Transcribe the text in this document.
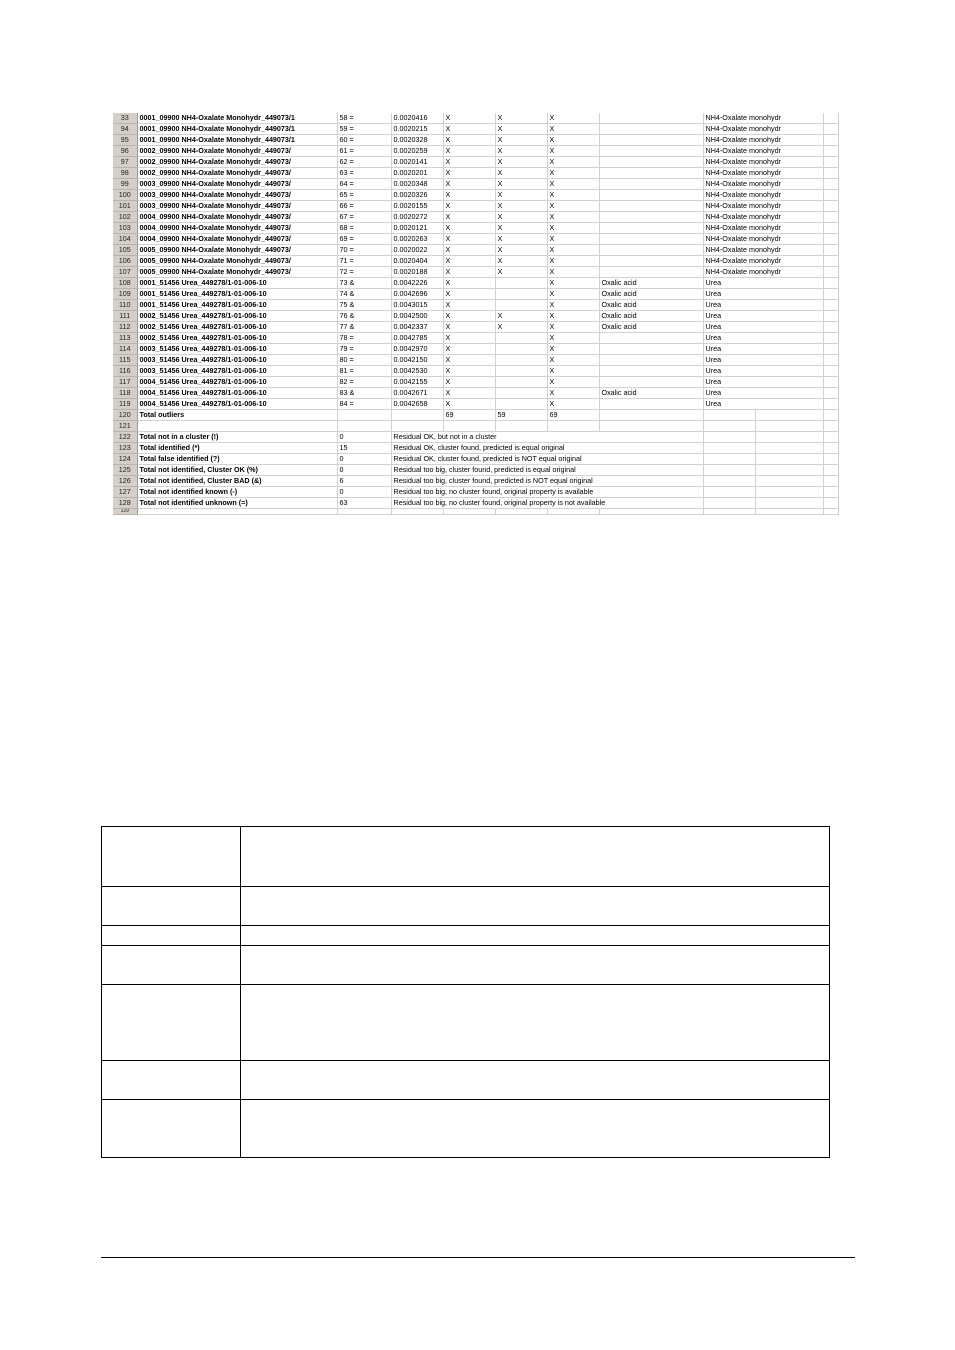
33	0001_09900 NH4-Oxalate Monohydr_449073/1	58 =	0.0020416	X	X	X		NH4-Oxalate monohydr		
94	0001_09900 NH4-Oxalate Monohydr_449073/1	59 =	0.0020215	X	X	X		NH4-Oxalate monohydr		
95	0001_09900 NH4-Oxalate Monohydr_449073/1	60 =	0.0020328	X	X	X		NH4-Oxalate monohydr		
96	0002_09900 NH4-Oxalate Monohydr_449073/	61 =	0.0020259	X	X	X		NH4-Oxalate monohydr		
97	0002_09900 NH4-Oxalate Monohydr_449073/	62 =	0.0020141	X	X	X		NH4-Oxalate monohydr		
98	0002_09900 NH4-Oxalate Monohydr_449073/	63 =	0.0020201	X	X	X		NH4-Oxalate monohydr		
99	0003_09900 NH4-Oxalate Monohydr_449073/	64 =	0.0020348	X	X	X		NH4-Oxalate monohydr		
100	0003_09900 NH4-Oxalate Monohydr_449073/	65 =	0.0020326	X	X	X		NH4-Oxalate monohydr		
101	0003_09900 NH4-Oxalate Monohydr_449073/	66 =	0.0020155	X	X	X		NH4-Oxalate monohydr		
102	0004_09900 NH4-Oxalate Monohydr_449073/	67 =	0.0020272	X	X	X		NH4-Oxalate monohydr		
103	0004_09900 NH4-Oxalate Monohydr_449073/	68 =	0.0020121	X	X	X		NH4-Oxalate monohydr		
104	0004_09900 NH4-Oxalate Monohydr_449073/	69 =	0.0020263	X	X	X		NH4-Oxalate monohydr		
105	0005_09900 NH4-Oxalate Monohydr_449073/	70 =	0.0020022	X	X	X		NH4-Oxalate monohydr		
106	0005_09900 NH4-Oxalate Monohydr_449073/	71 =	0.0020404	X	X	X		NH4-Oxalate monohydr		
107	0005_09900 NH4-Oxalate Monohydr_449073/	72 =	0.0020188	X	X	X		NH4-Oxalate monohydr		
108	0001_51456 Urea_449278/1-01-006-10	73 &	0.0042226	X		X	Oxalic acid	Urea		
109	0001_51456 Urea_449278/1-01-006-10	74 &	0.0042696	X		X	Oxalic acid	Urea		
110	0001_51456 Urea_449278/1-01-006-10	75 &	0.0043015	X		X	Oxalic acid	Urea		
111	0002_51456 Urea_449278/1-01-006-10	76 &	0.0042500	X	X	X	Oxalic acid	Urea		
112	0002_51456 Urea_449278/1-01-006-10	77 &	0.0042337	X	X	X	Oxalic acid	Urea		
113	0002_51456 Urea_449278/1-01-006-10	78 =	0.0042785	X		X		Urea		
114	0003_51456 Urea_449278/1-01-006-10	79 =	0.0042970	X		X		Urea		
115	0003_51456 Urea_449278/1-01-006-10	80 =	0.0042150	X		X		Urea		
116	0003_51456 Urea_449278/1-01-006-10	81 =	0.0042530	X		X		Urea		
117	0004_51456 Urea_449278/1-01-006-10	82 =	0.0042155	X		X		Urea		
118	0004_51456 Urea_449278/1-01-006-10	83 &	0.0042671	X		X	Oxalic acid	Urea		
119	0004_51456 Urea_449278/1-01-006-10	84 =	0.0042658	X		X		Urea		
120	Total outliers			69	59	69				
121										
122	Total not in a cluster (!)	0	Residual OK, but not in a cluster							
123	Total identified (*)	15	Residual OK, cluster found, predicted is equal original							
124	Total false identified (?)	0	Residual OK, cluster found, predicted is NOT equal original							
125	Total not identified, Cluster OK (%)	0	Residual too big, cluster found, predicted is equal original							
126	Total not identified, Cluster BAD (&)	6	Residual too big, cluster found, predicted is NOT equal original							
127	Total not identified known (-)	0	Residual too big, no cluster found, original property is available							
128	Total not identified unknown (=)	63	Residual too big, no cluster found, original property is not available							
129										
